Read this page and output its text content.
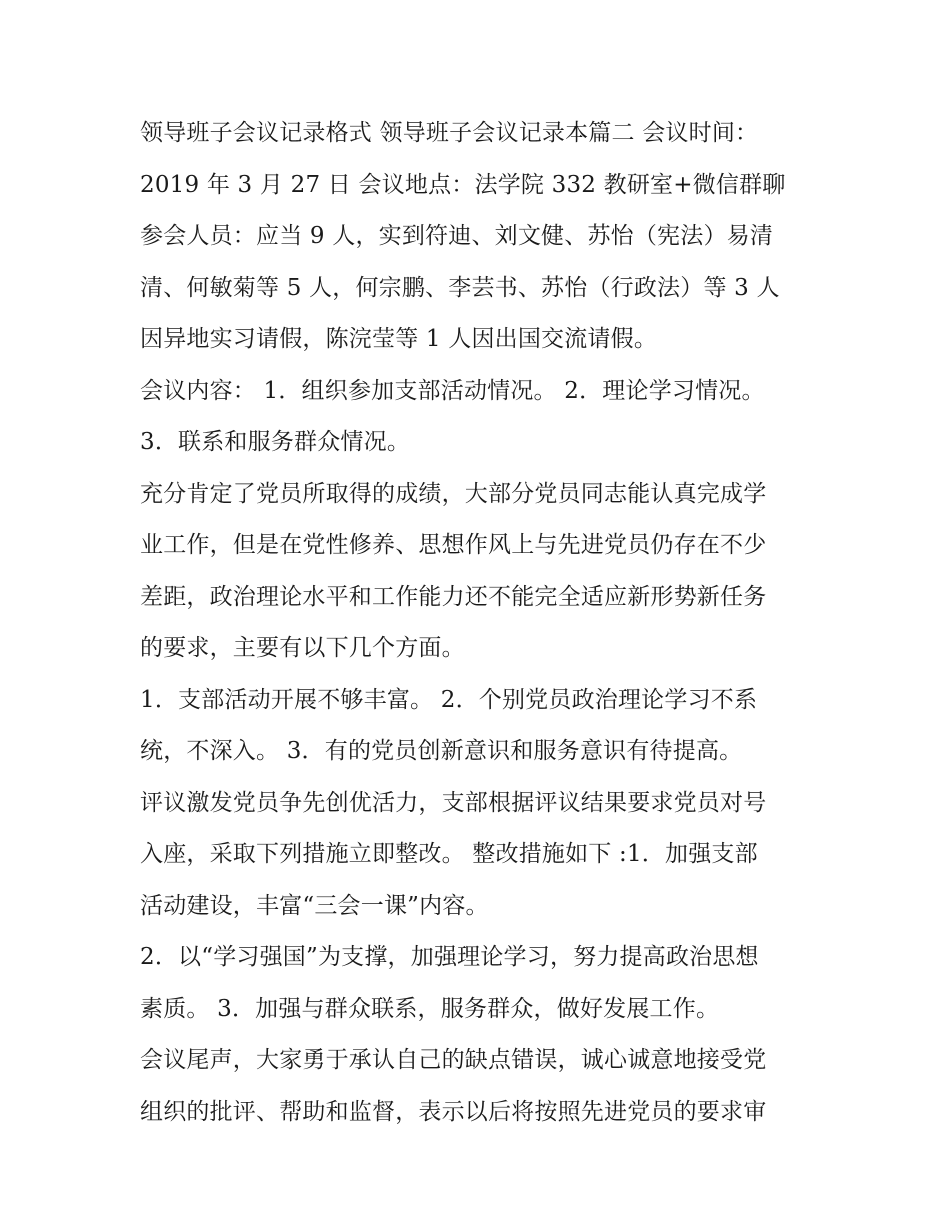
领导班子会议记录格式 领导班子会议记录本篇二 会议时间：
2019 年 3 月 27 日 会议地点：法学院 332 教研室+微信群聊
参会人员：应当 9 人，实到符迪、刘文健、苏怡（宪法）易清
清、何敏菊等 5 人，何宗鹏、李芸书、苏怡（行政法）等 3 人
因异地实习请假，陈浣莹等 1 人因出国交流请假。
会议内容： 1．组织参加支部活动情况。 2．理论学习情况。
3．联系和服务群众情况。
充分肯定了党员所取得的成绩，大部分党员同志能认真完成学
业工作，但是在党性修养、思想作风上与先进党员仍存在不少
差距，政治理论水平和工作能力还不能完全适应新形势新任务
的要求，主要有以下几个方面。
1．支部活动开展不够丰富。 2．个别党员政治理论学习不系
统，不深入。 3．有的党员创新意识和服务意识有待提高。
评议激发党员争先创优活力，支部根据评议结果要求党员对号
入座，采取下列措施立即整改。 整改措施如下 :1．加强支部
活动建设，丰富“三会一课”内容。
2．以“学习强国”为支撑，加强理论学习，努力提高政治思想
素质。 3．加强与群众联系，服务群众，做好发展工作。
会议尾声，大家勇于承认自己的缺点错误，诚心诚意地接受党
组织的批评、帮助和监督，表示以后将按照先进党员的要求审
